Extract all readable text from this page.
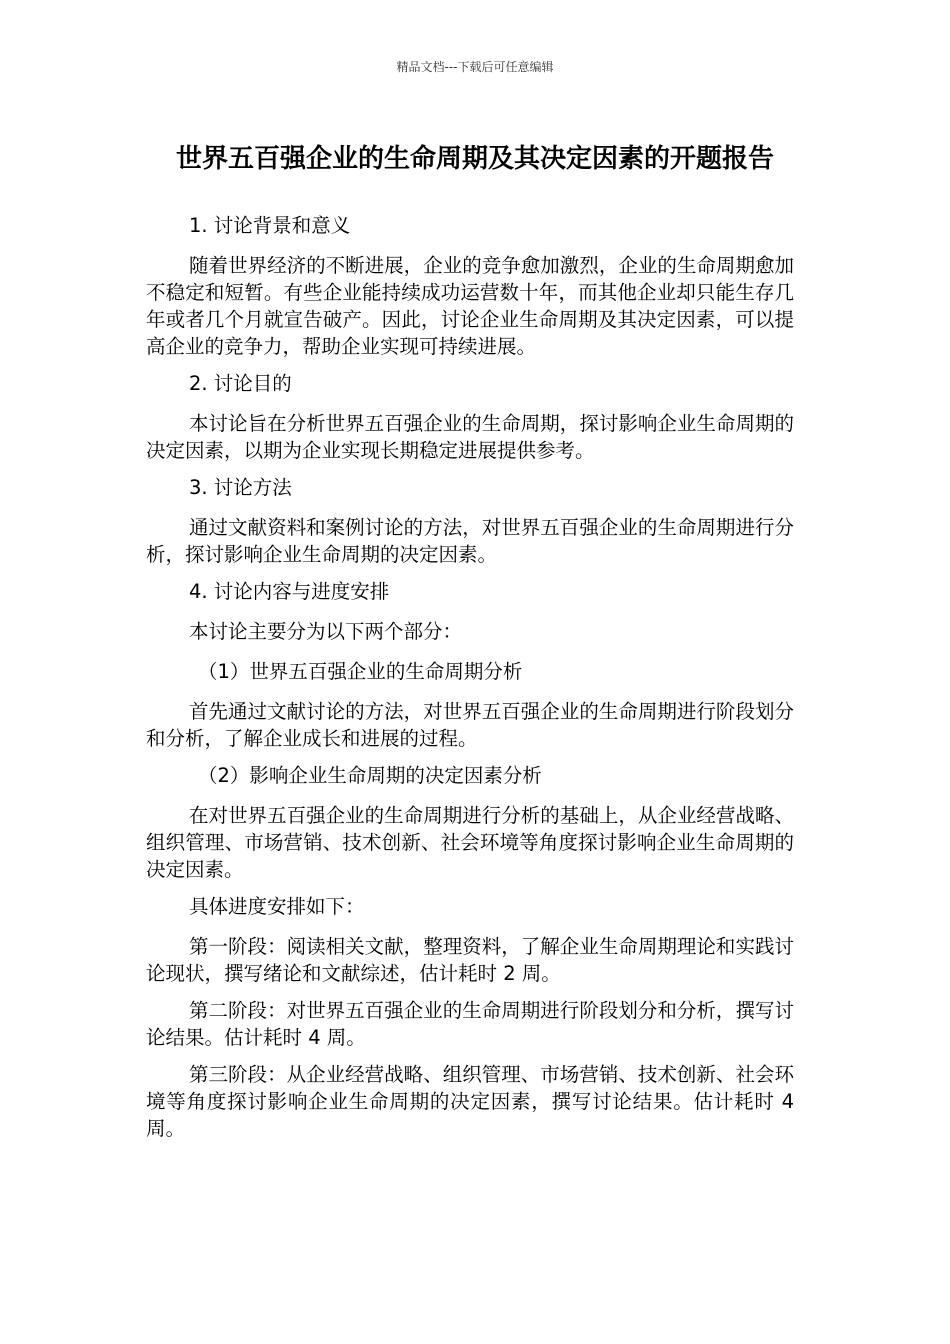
精品文档---下载后可任意编辑
世界五百强企业的生命周期及其决定因素的开题报告

1. 讨论背景和意义

随着世界经济的不断进展，企业的竞争愈加激烈，企业的生命周期愈加不稳定和短暂。有些企业能持续成功运营数十年，而其他企业却只能生存几年或者几个月就宣告破产。因此，讨论企业生命周期及其决定因素，可以提高企业的竞争力，帮助企业实现可持续进展。

2. 讨论目的

本讨论旨在分析世界五百强企业的生命周期，探讨影响企业生命周期的决定因素，以期为企业实现长期稳定进展提供参考。

3. 讨论方法

通过文献资料和案例讨论的方法，对世界五百强企业的生命周期进行分析，探讨影响企业生命周期的决定因素。

4. 讨论内容与进度安排

本讨论主要分为以下两个部分：

（1）世界五百强企业的生命周期分析

首先通过文献讨论的方法，对世界五百强企业的生命周期进行阶段划分和分析，了解企业成长和进展的过程。

（2）影响企业生命周期的决定因素分析

在对世界五百强企业的生命周期进行分析的基础上，从企业经营战略、组织管理、市场营销、技术创新、社会环境等角度探讨影响企业生命周期的决定因素。

具体进度安排如下：

第一阶段：阅读相关文献，整理资料，了解企业生命周期理论和实践讨论现状，撰写绪论和文献综述，估计耗时 2 周。

第二阶段：对世界五百强企业的生命周期进行阶段划分和分析，撰写讨论结果。估计耗时 4 周。

第三阶段：从企业经营战略、组织管理、市场营销、技术创新、社会环境等角度探讨影响企业生命周期的决定因素，撰写讨论结果。估计耗时 4 周。
